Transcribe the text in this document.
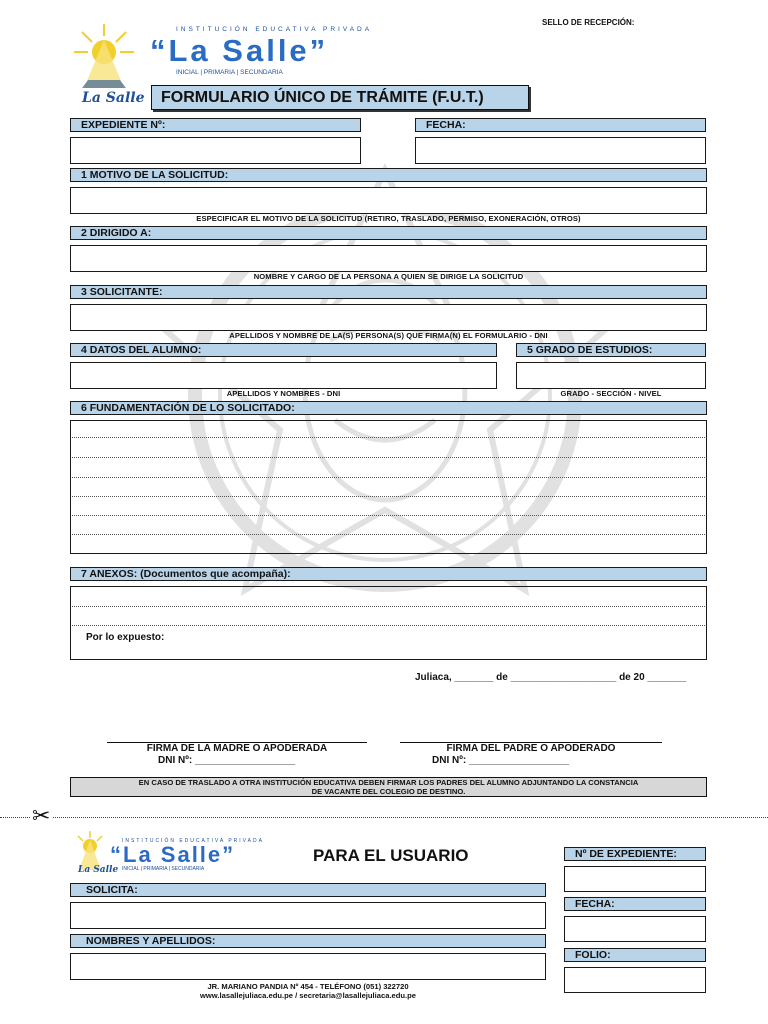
SELLO DE RECEPCIÓN:
La Salle
INSTITUCIÓN EDUCATIVA PRIVADA
“La Salle”
INICIAL | PRIMARIA | SECUNDARIA
FORMULARIO ÚNICO DE TRÁMITE (F.U.T.)
EXPEDIENTE Nº:	FECHA:
1 MOTIVO DE LA SOLICITUD:
ESPECIFICAR EL MOTIVO DE LA SOLICITUD (RETIRO, TRASLADO, PERMISO, EXONERACIÓN, OTROS)
2 DIRIGIDO A:
NOMBRE Y CARGO DE LA PERSONA A QUIEN SE DIRIGE LA SOLICITUD
3 SOLICITANTE:
APELLIDOS Y NOMBRE DE LA(S) PERSONA(S) QUE FIRMA(N) EL FORMULARIO - DNI
4 DATOS DEL ALUMNO:
APELLIDOS Y NOMBRES - DNI
5 GRADO DE ESTUDIOS:
GRADO - SECCIÓN - NIVEL
6 FUNDAMENTACIÓN DE LO SOLICITADO:
7 ANEXOS: (Documentos que acompaña):
Por lo expuesto:
Juliaca, _______ de ___________________ de 20 _______
FIRMA DE LA MADRE O APODERADA
DNI Nº: __________________
FIRMA DEL PADRE O APODERADO
DNI Nº: __________________
EN CASO DE TRASLADO A OTRA INSTITUCIÓN EDUCATIVA DEBEN FIRMAR LOS PADRES DEL ALUMNO ADJUNTANDO LA CONSTANCIA
DE VACANTE DEL COLEGIO DE DESTINO.
✂
La Salle
INSTITUCIÓN EDUCATIVA PRIVADA
“La Salle”
INICIAL | PRIMARIA | SECUNDARIA
PARA EL USUARIO
SOLICITA:
NOMBRES Y APELLIDOS:
Nº DE EXPEDIENTE:
FECHA:
FOLIO:
JR. MARIANO PANDIA Nº 454 - TELÉFONO (051) 322720
www.lasallejuliaca.edu.pe / secretaria@lasallejuliaca.edu.pe
